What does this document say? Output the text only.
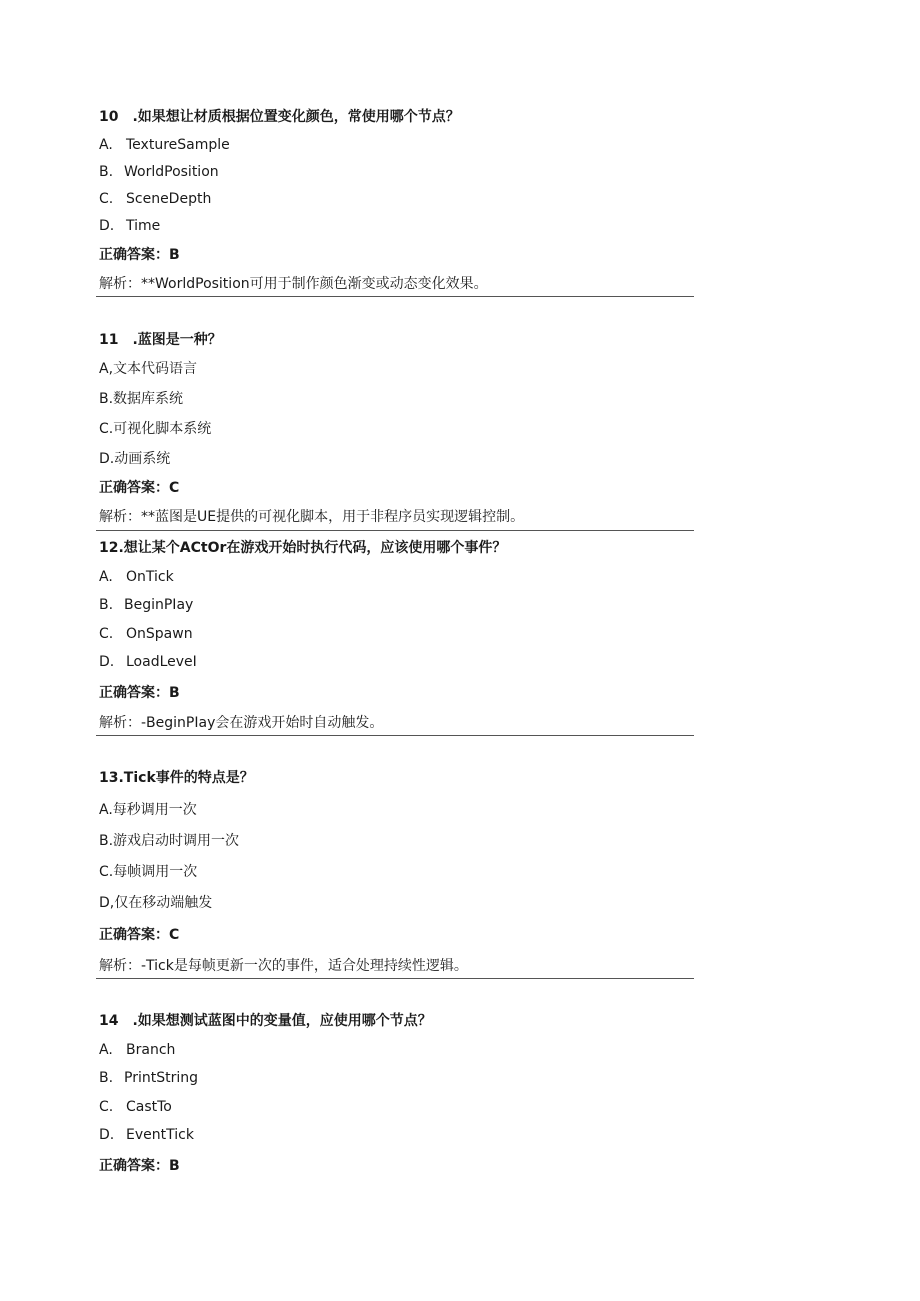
10　.如果想让材质根据位置变化颜色，常使用哪个节点？
A. TextureSample
B. WorldPosition
C. SceneDepth
D. Time
正确答案：B
解析：**WorldPosition可用于制作颜色渐变或动态变化效果。
11　.蓝图是一种？
A,文本代码语言
B.数据库系统
C.可视化脚本系统
D.动画系统
正确答案：C
解析：**蓝图是UE提供的可视化脚本，用于非程序员实现逻辑控制。
12.想让某个ACtOr在游戏开始时执行代码，应该使用哪个事件？
A. OnTick
B. BeginPIay
C. OnSpawn
D. LoadLeveI
正确答案：B
解析：-BeginPIay会在游戏开始时自动触发。
13.Tick事件的特点是？
A.每秒调用一次
B.游戏启动时调用一次
C.每帧调用一次
D,仅在移动端触发
正确答案：C
解析：-Tick是每帧更新一次的事件，适合处理持续性逻辑。
14　.如果想测试蓝图中的变量值，应使用哪个节点？
A. Branch
B. PrintString
C. CastTo
D. EventTick
正确答案：B
